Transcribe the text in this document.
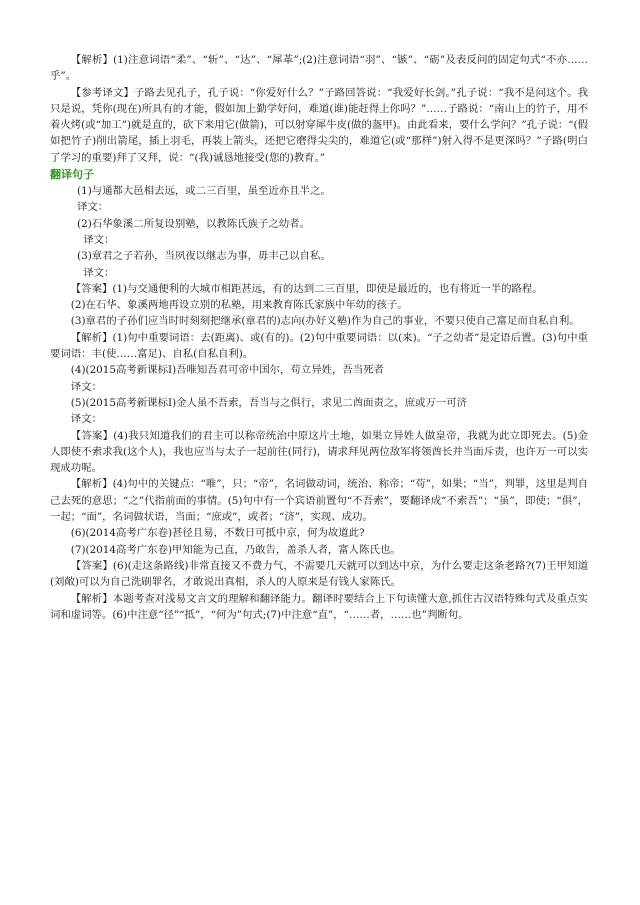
【解析】(1)注意词语“柔”、“斩”、“达”、“犀革”;(2)注意词语“羽”、“镞”、“砺”及表反问的固定句式“不亦……乎”。

【参考译文】子路去见孔子，孔子说：“你爱好什么？”子路回答说：“我爱好长剑。”孔子说：“我不是问这个。我只是说，凭你(现在)所具有的才能，假如加上勤学好问，难道(谁)能赶得上你吗？”……子路说：“南山上的竹子，用不着火烤(或“加工”)就是直的，砍下来用它(做箭)，可以射穿犀牛皮(做的盔甲)。由此看来，要什么学问？”孔子说：“(假如把竹子)削出箭尾，插上羽毛，再装上箭头，还把它磨得尖尖的，难道它(或“那样”)射入得不是更深吗？”子路(明白了学习的重要)拜了又拜，说：“(我)诚恳地接受(您的)教育。”

翻译句子

(1)与通都大邑相去远，或二三百里，虽至近亦且半之。

译文：

(2)石华象溪二所复设别塾，以教陈氏族子之幼者。

译文：

(3)章君之子若孙，当夙夜以继志为事，毋丰己以自私。

译文：

【答案】(1)与交通便利的大城市相距甚远，有的达到二三百里，即使是最近的，也有将近一半的路程。

(2)在石华、象溪两地再设立别的私塾，用来教育陈氏家族中年幼的孩子。

(3)章君的子孙们应当时时刻刻把继承(章君的)志向(办好义塾)作为自己的事业，不要只使自己富足而自私自利。

【解析】(1)句中重要词语：去(距离)、或(有的)。(2)句中重要词语：以(来)。“子之幼者”是定语后置。(3)句中重要词语：丰(使……富足)、自私(自私自利)。

(4)(2015高考新课标Ⅰ)吾唯知吾君可帝中国尔，苟立异姓，吾当死者

译文：

(5)(2015高考新课标Ⅰ)金人虽不吾索，吾当与之俱行，求见二酋面责之，庶或万一可济

译文：

【答案】(4)我只知道我们的君主可以称帝统治中原这片土地，如果立异姓人做皇帝，我就为此立即死去。(5)金人即使不索求我(这个人)，我也应当与太子一起前往(同行)，请求拜见两位敌军将领酋长并当面斥责，也许万一可以实现成功呢。

【解析】(4)句中的关键点：“唯”，只；“帝”，名词做动词，统治、称帝；“苟”，如果；“当”，判罪，这里是判自己去死的意思；“之”代指前面的事情。(5)句中有一个宾语前置句“不吾索”，要翻译成“不索吾”；“虽”，即使；“俱”，一起；“面”，名词做状语，当面；“庶或”，或者；“济”，实现、成功。

(6)(2014高考广东卷)甚径且易，不数日可抵中京，何为故道此?

(7)(2014高考广东卷)甲知能为己直，乃敢告，盖杀人者，富人陈氏也。

【答案】(6)(走这条路线)非常直接又不费力气，不需要几天就可以到达中京，为什么要走这条老路?(7)王甲知道(刘敞)可以为自己洗刷罪名，才敢说出真相，杀人的人原来是有钱人家陈氏。

【解析】本题考查对浅易文言文的理解和翻译能力。翻译时要结合上下句读懂大意,抓住古汉语特殊句式及重点实词和虚词等。(6)中注意“径”“抵”，“何为”句式;(7)中注意“直”，“……者，……也”判断句。
